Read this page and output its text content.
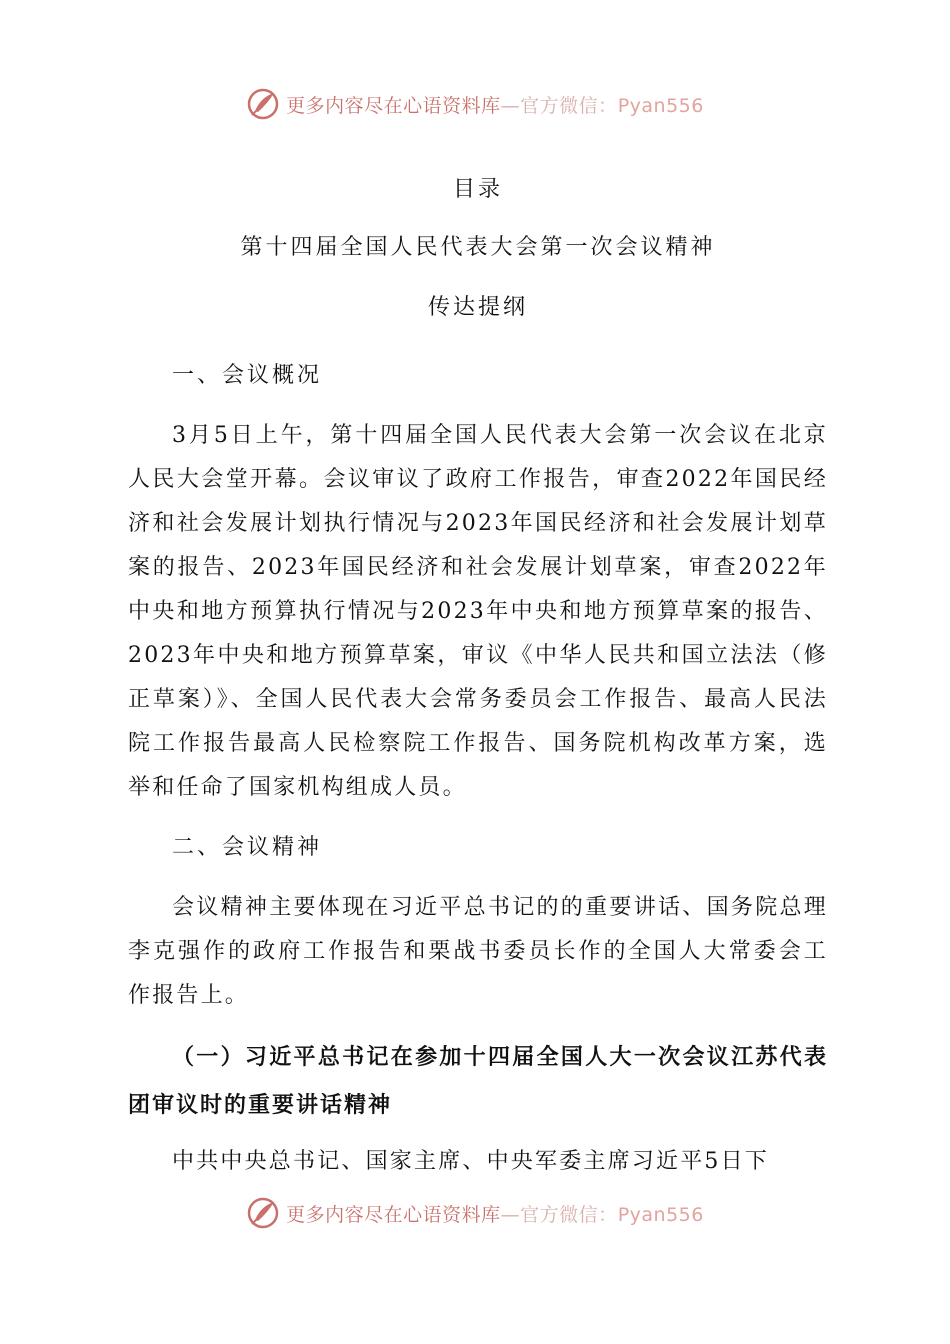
更多内容尽在心语资料库—官方微信：Pyan556

目录

第十四届全国人民代表大会第一次会议精神

传达提纲

一、会议概况

3月5日上午，第十四届全国人民代表大会第一次会议在北京人民大会堂开幕。会议审议了政府工作报告，审查2022年国民经济和社会发展计划执行情况与2023年国民经济和社会发展计划草案的报告、2023年国民经济和社会发展计划草案，审查2022年中央和地方预算执行情况与2023年中央和地方预算草案的报告、2023年中央和地方预算草案，审议《中华人民共和国立法法（修正草案）》、全国人民代表大会常务委员会工作报告、最高人民法院工作报告最高人民检察院工作报告、国务院机构改革方案，选举和任命了国家机构组成人员。

二、会议精神

会议精神主要体现在习近平总书记的的重要讲话、国务院总理李克强作的政府工作报告和栗战书委员长作的全国人大常委会工作报告上。

（一）习近平总书记在参加十四届全国人大一次会议江苏代表团审议时的重要讲话精神

中共中央总书记、国家主席、中央军委主席习近平5日下

更多内容尽在心语资料库—官方微信：Pyan556
